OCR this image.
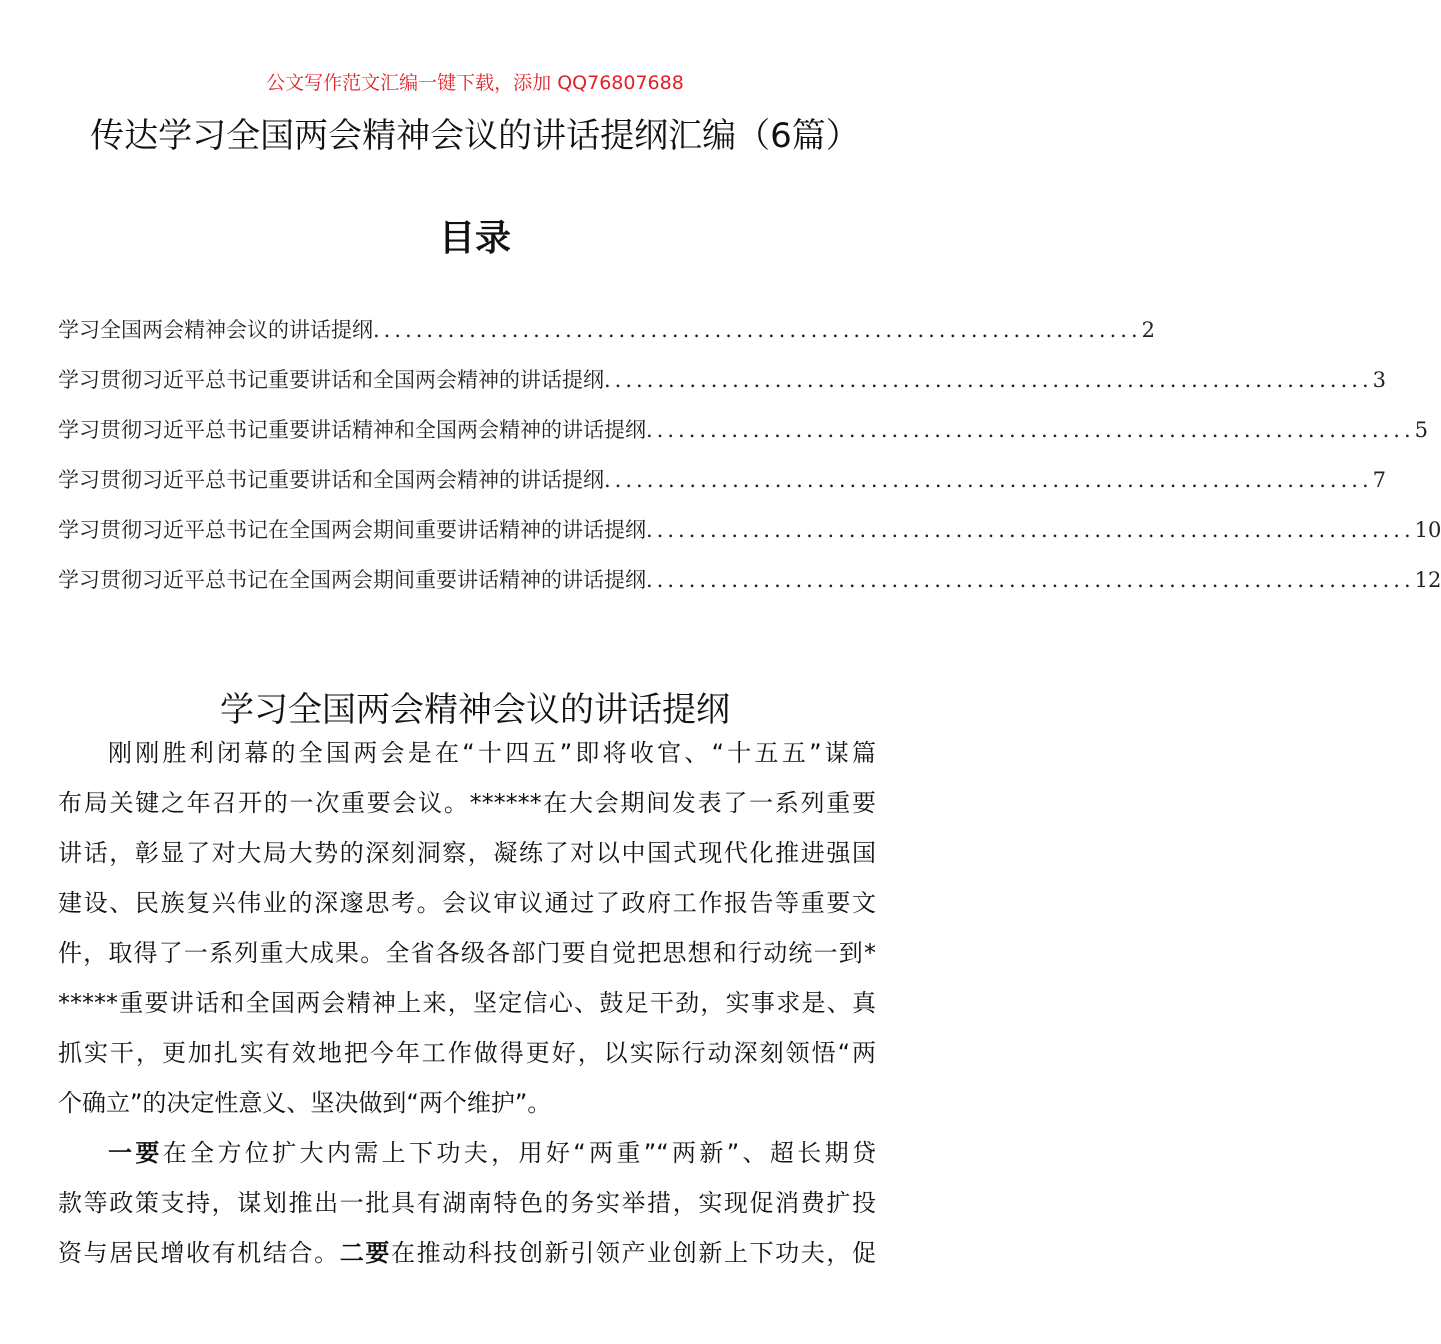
公文写作范文汇编一键下载，添加 QQ76807688
传达学习全国两会精神会议的讲话提纲汇编（6篇）
目录
学习全国两会精神会议的讲话提纲 ........................................................................ 2
学习贯彻习近平总书记重要讲话和全国两会精神的讲话提纲 ........................................................................ 3
学习贯彻习近平总书记重要讲话精神和全国两会精神的讲话提纲 ........................................................................ 5
学习贯彻习近平总书记重要讲话和全国两会精神的讲话提纲 ........................................................................ 7
学习贯彻习近平总书记在全国两会期间重要讲话精神的讲话提纲 ........................................................................ 10
学习贯彻习近平总书记在全国两会期间重要讲话精神的讲话提纲 ........................................................................ 12
学习全国两会精神会议的讲话提纲
刚刚胜利闭幕的全国两会是在“十四五”即将收官、“十五五”谋篇
布局关键之年召开的一次重要会议。******在大会期间发表了一系列重要
讲话，彰显了对大局大势的深刻洞察，凝练了对以中国式现代化推进强国
建设、民族复兴伟业的深邃思考。会议审议通过了政府工作报告等重要文
件，取得了一系列重大成果。全省各级各部门要自觉把思想和行动统一到*
*****重要讲话和全国两会精神上来，坚定信心、鼓足干劲，实事求是、真
抓实干，更加扎实有效地把今年工作做得更好，以实际行动深刻领悟“两
个确立”的决定性意义、坚决做到“两个维护”。
一要在全方位扩大内需上下功夫，用好“两重”“两新”、超长期贷
款等政策支持，谋划推出一批具有湖南特色的务实举措，实现促消费扩投
资与居民增收有机结合。二要在推动科技创新引领产业创新上下功夫，促
